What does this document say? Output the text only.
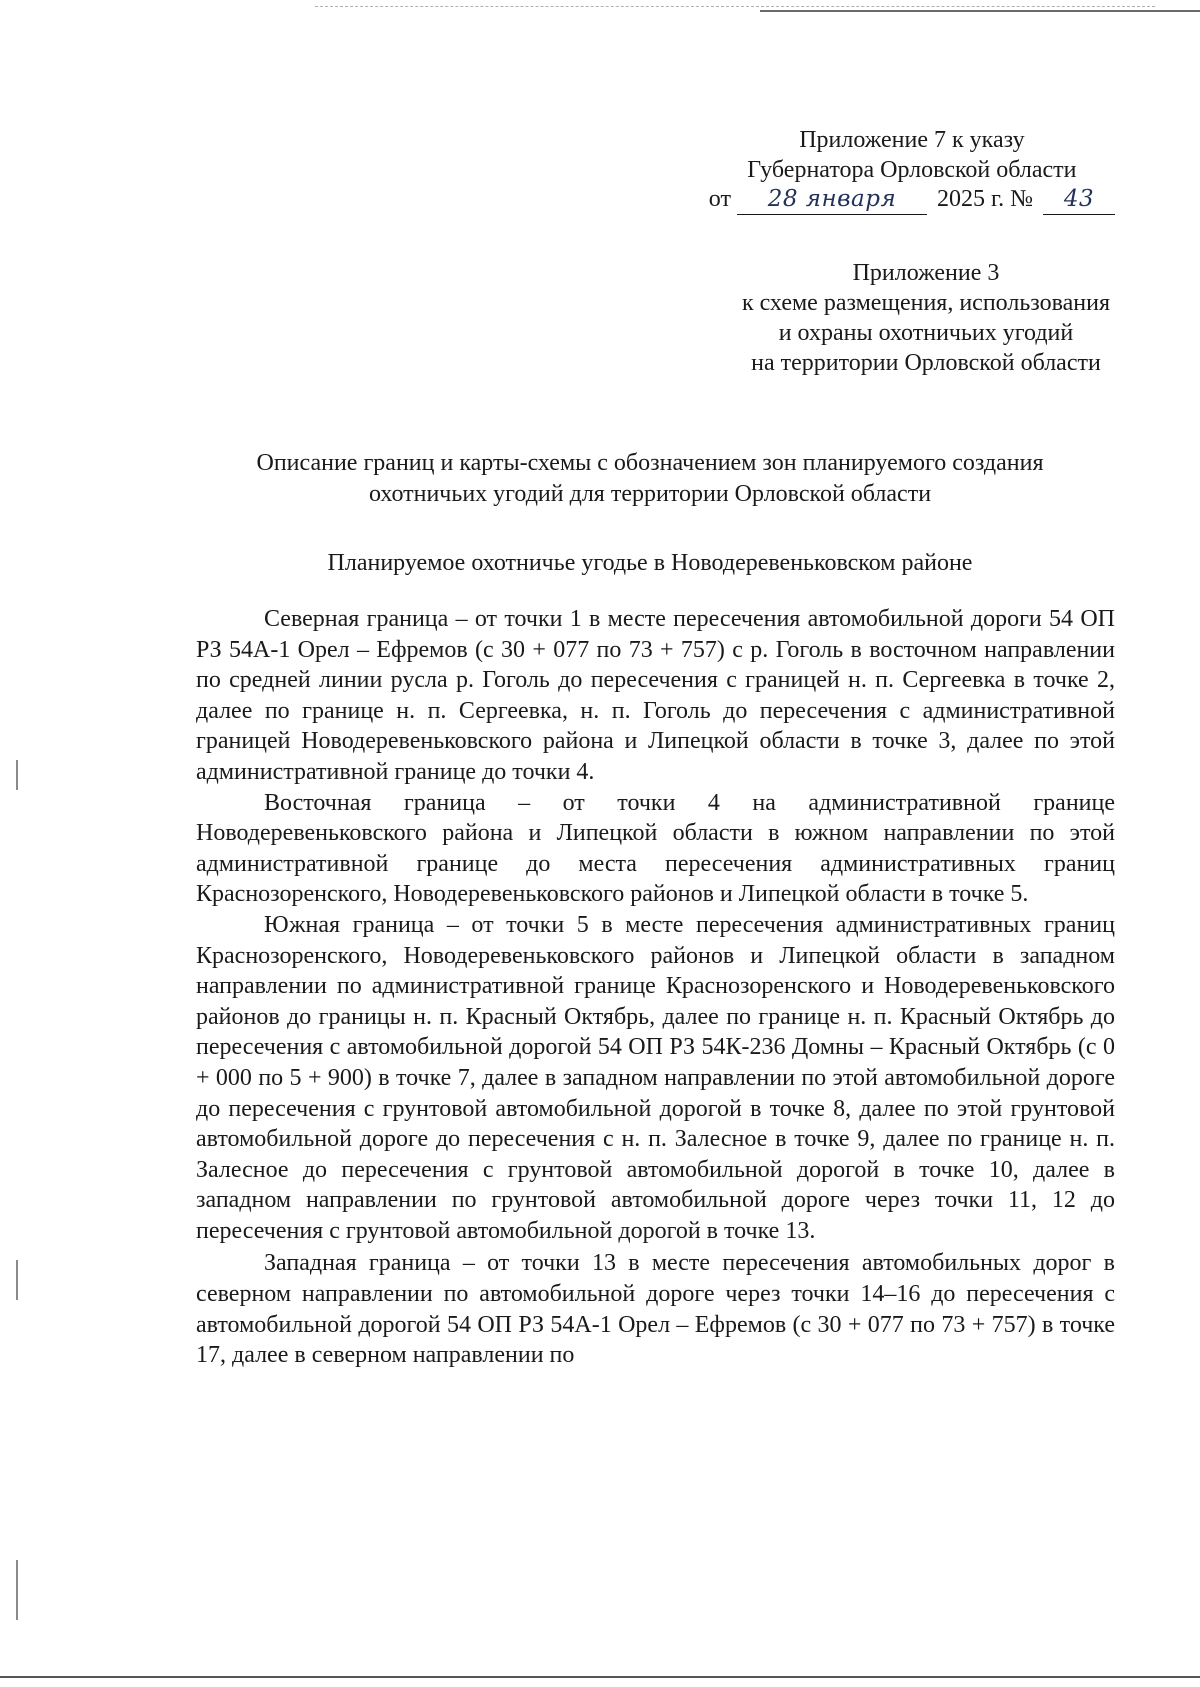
Приложение 7 к указу
Губернатора Орловской области
от 28 января 2025 г. № 43
Приложение 3
к схеме размещения, использования
и охраны охотничьих угодий
на территории Орловской области
Описание границ и карты-схемы с обозначением зон планируемого создания
охотничьих угодий для территории Орловской области
Планируемое охотничье угодье в Новодеревеньковском районе

Северная граница – от точки 1 в месте пересечения автомобильной дороги 54 ОП РЗ 54А-1 Орел – Ефремов (с 30 + 077 по 73 + 757) с р. Гоголь в восточном направлении по средней линии русла р. Гоголь до пересечения с границей н. п. Сергеевка в точке 2, далее по границе н. п. Сергеевка, н. п. Гоголь до пересечения с административной границей Новодеревеньковского района и Липецкой области в точке 3, далее по этой административной границе до точки 4.

Восточная граница – от точки 4 на административной границе Новодеревеньковского района и Липецкой области в южном направлении по этой административной границе до места пересечения административных границ Краснозоренского, Новодеревеньковского районов и Липецкой области в точке 5.

Южная граница – от точки 5 в месте пересечения административных границ Краснозоренского, Новодеревеньковского районов и Липецкой области в западном направлении по административной границе Краснозоренского и Новодеревеньковского районов до границы н. п. Красный Октябрь, далее по границе н. п. Красный Октябрь до пересечения с автомобильной дорогой 54 ОП РЗ 54К-236 Домны – Красный Октябрь (с 0 + 000 по 5 + 900) в точке 7, далее в западном направлении по этой автомобильной дороге до пересечения с грунтовой автомобильной дорогой в точке 8, далее по этой грунтовой автомобильной дороге до пересечения с н. п. Залесное в точке 9, далее по границе н. п. Залесное до пересечения с грунтовой автомобильной дорогой в точке 10, далее в западном направлении по грунтовой автомобильной дороге через точки 11, 12 до пересечения с грунтовой автомобильной дорогой в точке 13.

Западная граница – от точки 13 в месте пересечения автомобильных дорог в северном направлении по автомобильной дороге через точки 14–16 до пересечения с автомобильной дорогой 54 ОП РЗ 54А-1 Орел – Ефремов (с 30 + 077 по 73 + 757) в точке 17, далее в северном направлении по
